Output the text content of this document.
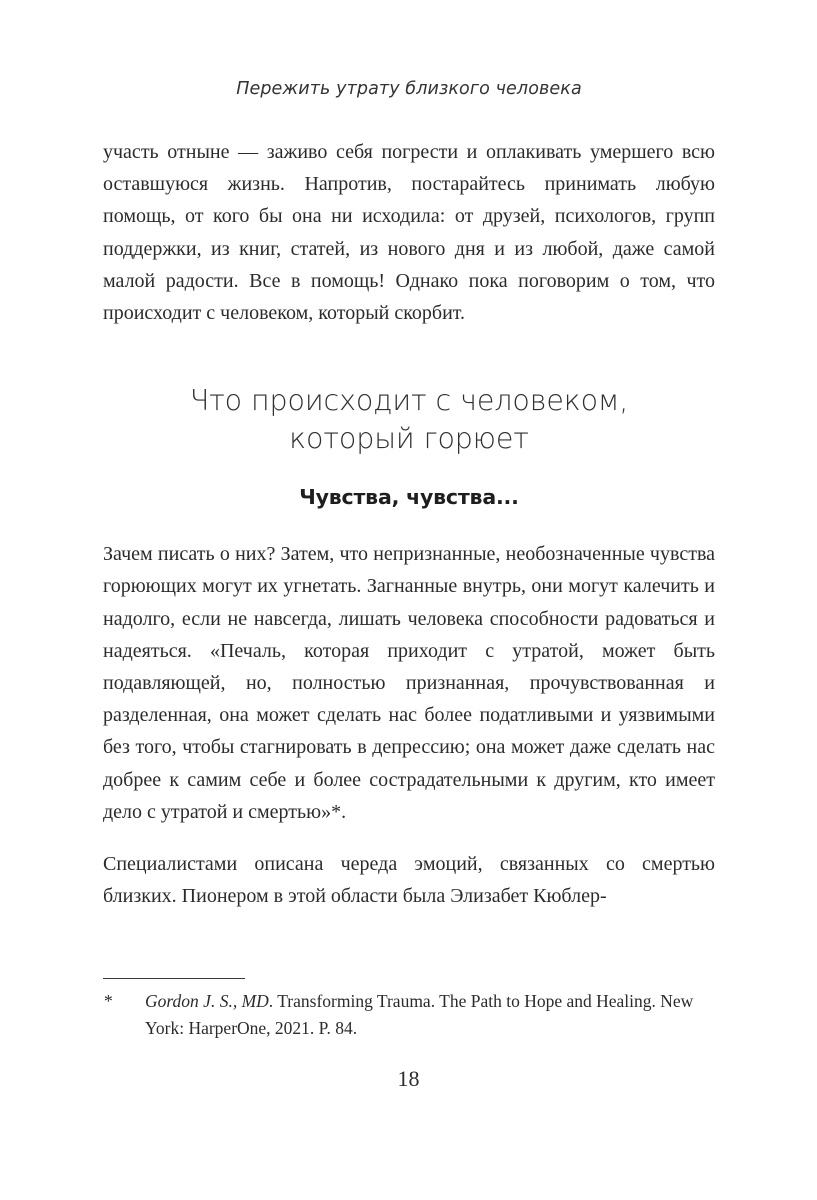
Пережить утрату близкого человека

участь отныне — заживо себя погрести и оплакивать умершего всю оставшуюся жизнь. Напротив, постарайтесь принимать любую помощь, от кого бы она ни исходила: от друзей, психологов, групп поддержки, из книг, статей, из нового дня и из любой, даже самой малой радости. Все в помощь! Однако пока поговорим о том, что происходит с человеком, который скорбит.

Что происходит с человеком,
который горюет
Чувства, чувства...

Зачем писать о них? Затем, что непризнанные, необозначенные чувства горюющих могут их угнетать. Загнанные внутрь, они могут калечить и надолго, если не навсегда, лишать человека способности радоваться и надеяться. «Печаль, которая приходит с утратой, может быть подавляющей, но, полностью признанная, прочувствованная и разделенная, она может сделать нас более податливыми и уязвимыми без того, чтобы стагнировать в депрессию; она может даже сделать нас добрее к самим себе и более сострадательными к другим, кто имеет дело с утратой и смертью»*.

Специалистами описана череда эмоций, связанных со смертью близких. Пионером в этой области была Элизабет Кюблер-

*	Gordon J. S., MD. Transforming Trauma. The Path to Hope and Healing. New York: HarperOne, 2021. P. 84.
18
